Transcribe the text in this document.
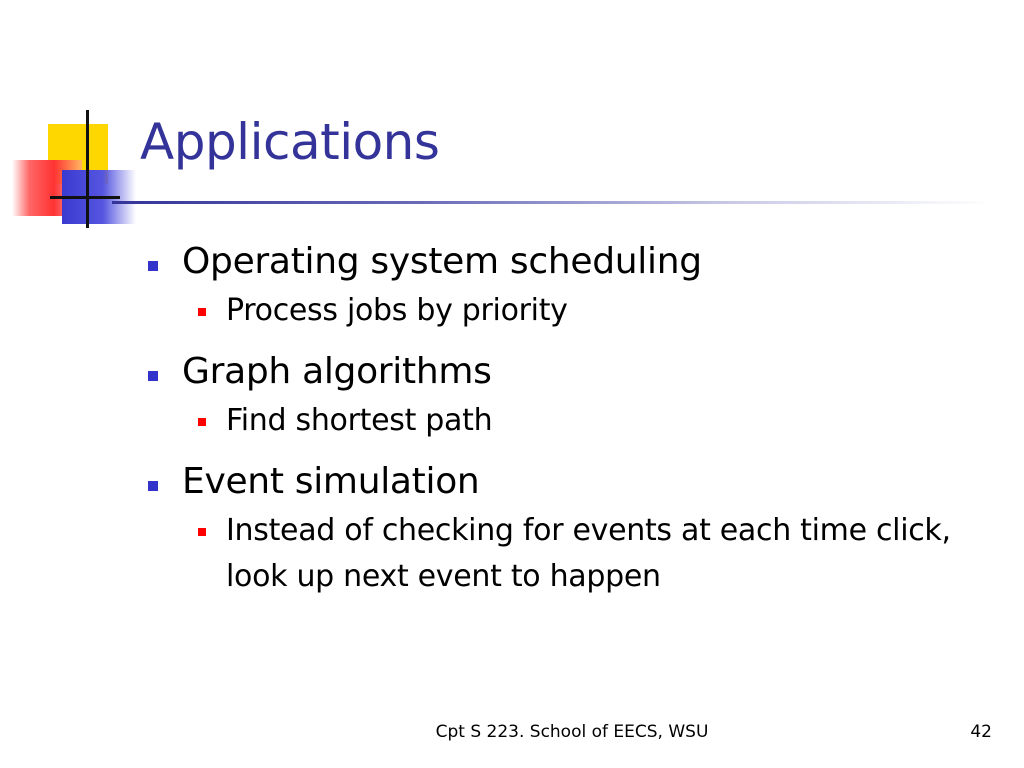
Applications
Operating system scheduling
Process jobs by priority
Graph algorithms
Find shortest path
Event simulation
Instead of checking for events at each time click, look up next event to happen
Cpt S 223. School of EECS, WSU	42
